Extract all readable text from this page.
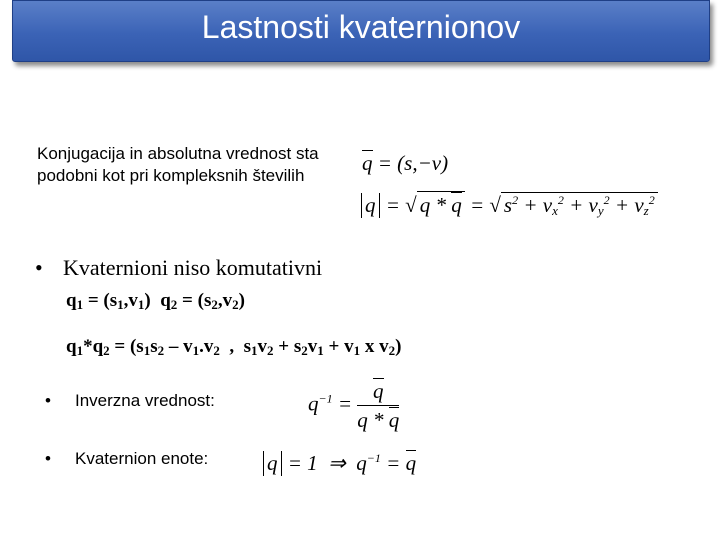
Lastnosti kvaternionov
Konjugacija in absolutna vrednost sta podobni kot pri kompleksnih številih
q = (s,−v)
q = √ q * q = √ $s^2 + v_x^2 + v_y^2 + v_z^2$
• Kvaternioni niso komutativni
$q_1 = (s_1,v_1) q_2 = (s_2,v_2)$
$q_1*q_2 = (s_1s_2 - v_1.v_2$  ,  $s_1v_2 + s_2v_1 + v_1$ x $v_2$)
• Inverzna vrednost:	$q^{-1} = \frac{q}{q * q}$
• Kvaternion enote:	q = 1  ⇒  $q^{-1} = q$
